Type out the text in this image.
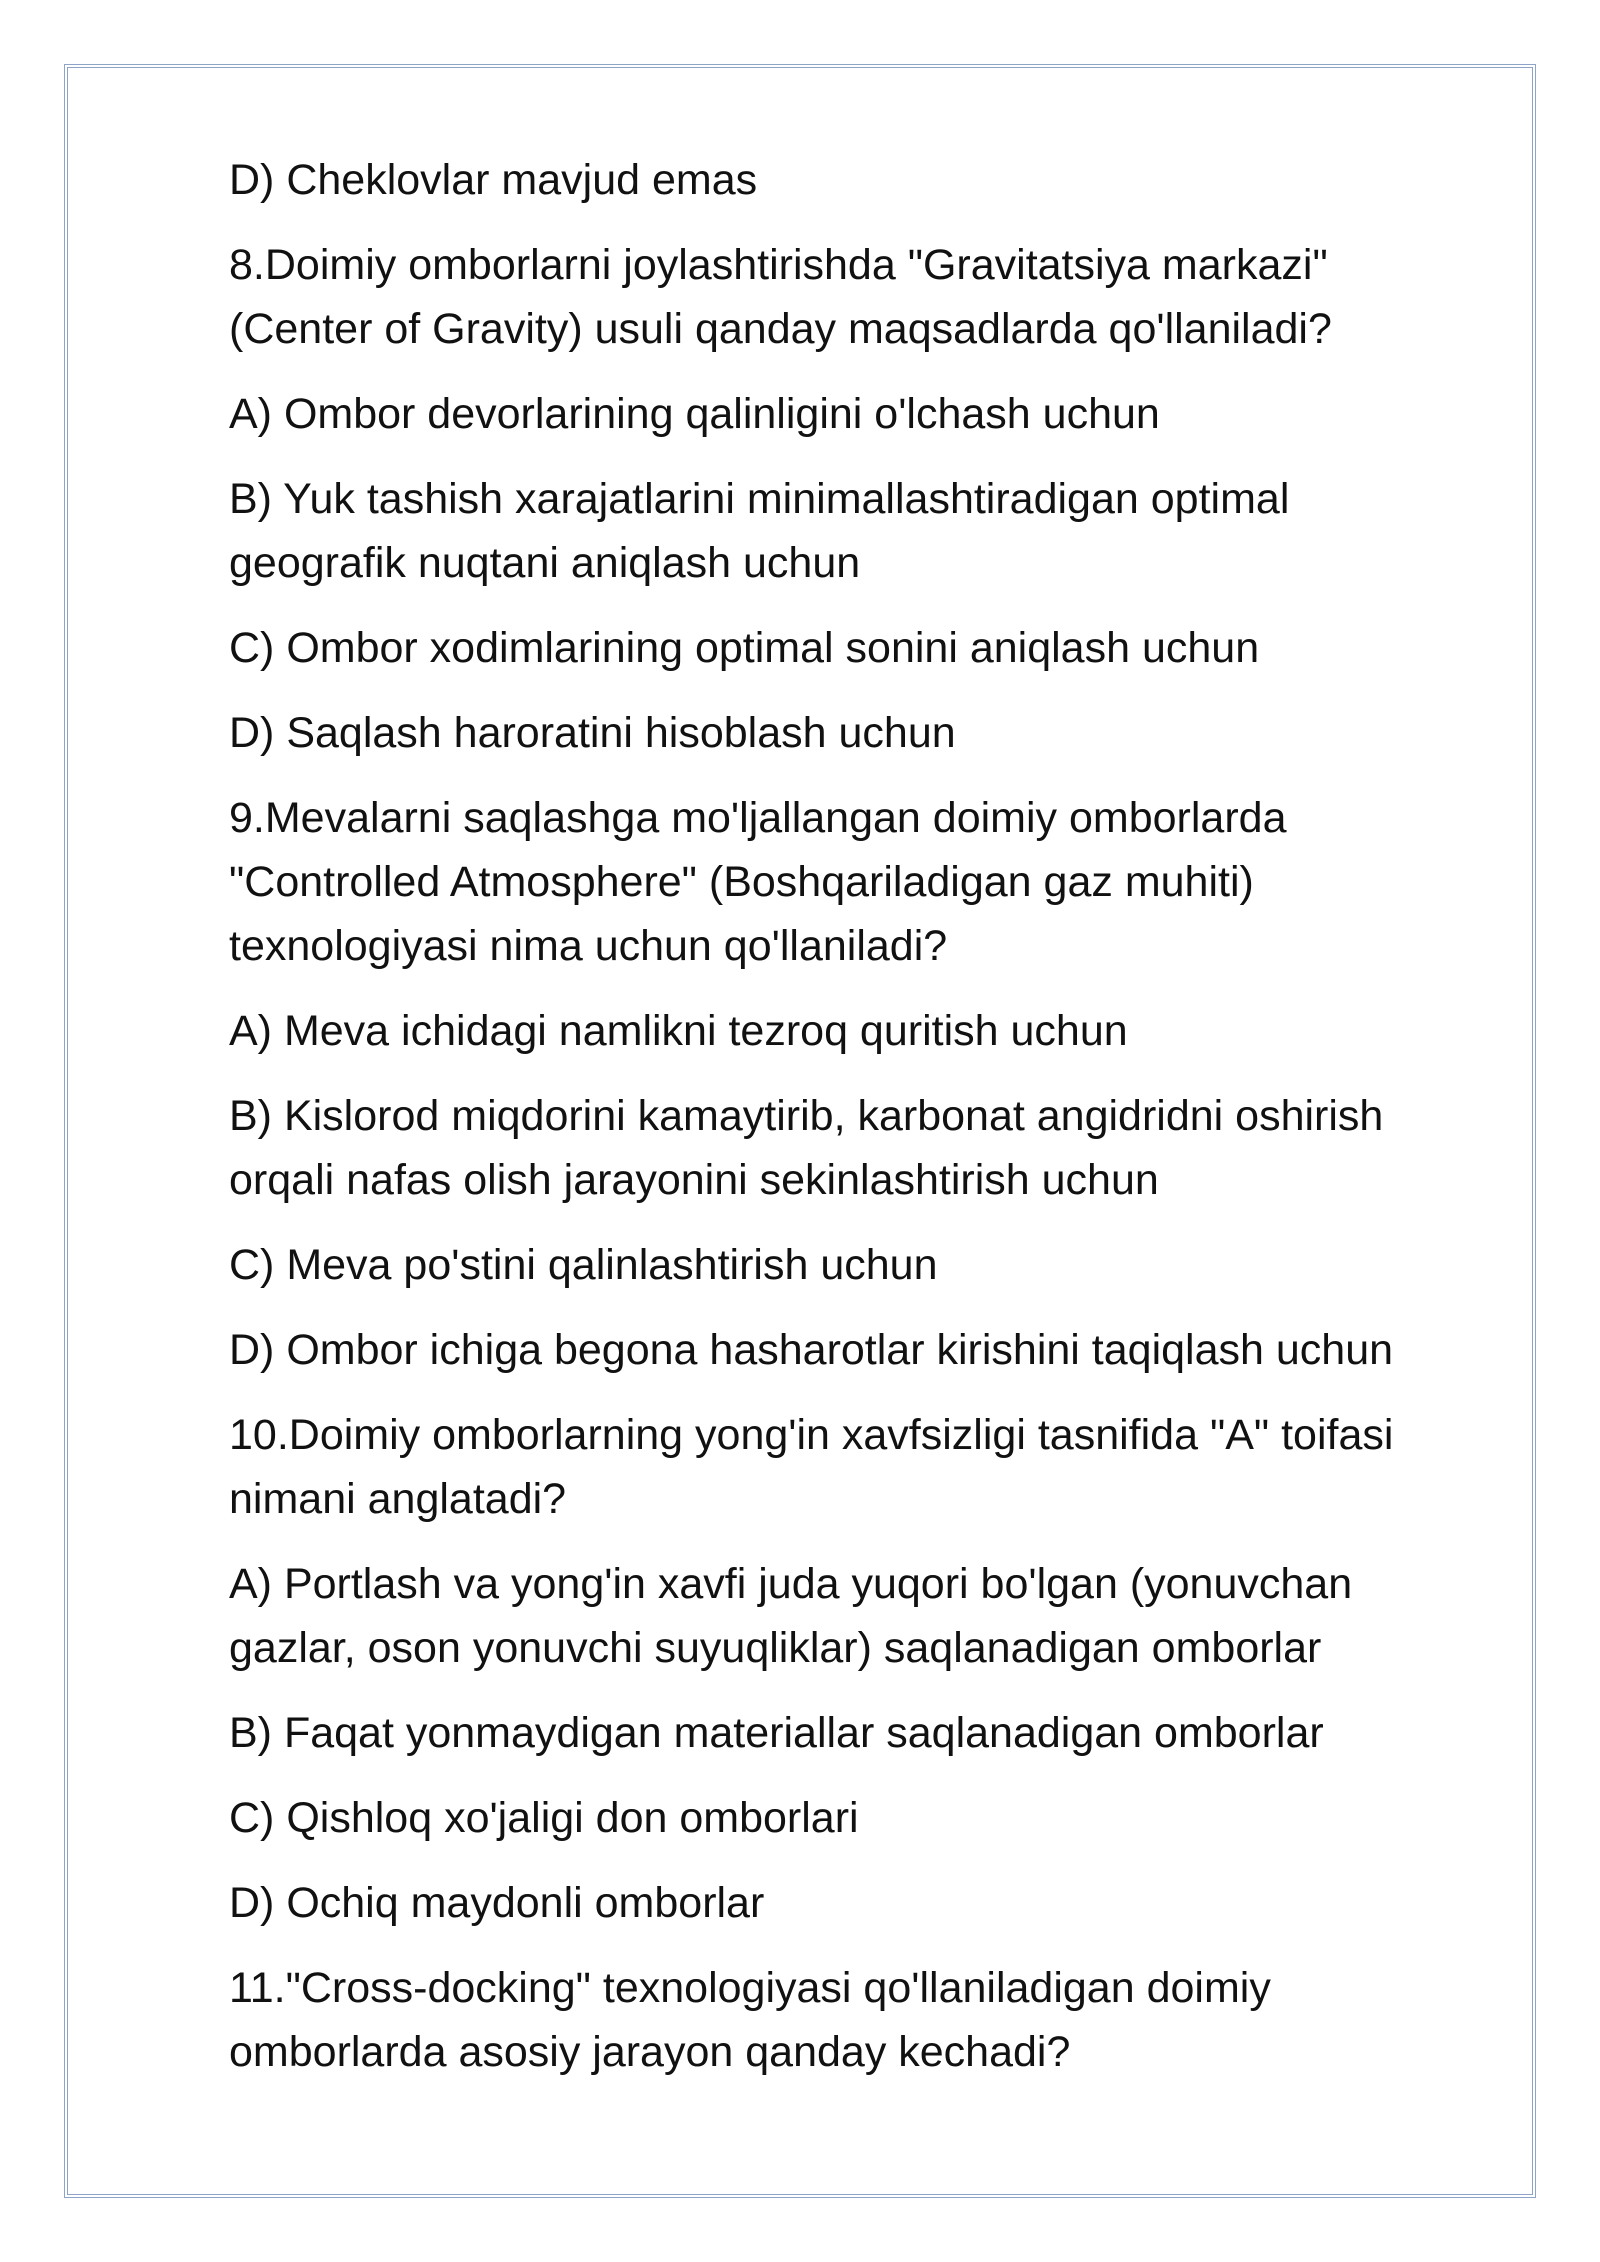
D) Cheklovlar mavjud emas

8.Doimiy omborlarni joylashtirishda "Gravitatsiya markazi" (Center of Gravity) usuli qanday maqsadlarda qo'llaniladi?

A) Ombor devorlarining qalinligini o'lchash uchun

B) Yuk tashish xarajatlarini minimallashtiradigan optimal geografik nuqtani aniqlash uchun

C) Ombor xodimlarining optimal sonini aniqlash uchun

D) Saqlash haroratini hisoblash uchun

9.Mevalarni saqlashga mo'ljallangan doimiy omborlarda "Controlled Atmosphere" (Boshqariladigan gaz muhiti) texnologiyasi nima uchun qo'llaniladi?

A) Meva ichidagi namlikni tezroq quritish uchun

B) Kislorod miqdorini kamaytirib, karbonat angidridni oshirish orqali nafas olish jarayonini sekinlashtirish uchun

C) Meva po'stini qalinlashtirish uchun

D) Ombor ichiga begona hasharotlar kirishini taqiqlash uchun

10.Doimiy omborlarning yong'in xavfsizligi tasnifida "A" toifasi nimani anglatadi?

A) Portlash va yong'in xavfi juda yuqori bo'lgan (yonuvchan gazlar, oson yonuvchi suyuqliklar) saqlanadigan omborlar

B) Faqat yonmaydigan materiallar saqlanadigan omborlar

C) Qishloq xo'jaligi don omborlari

D) Ochiq maydonli omborlar

11."Cross-docking" texnologiyasi qo'llaniladigan doimiy omborlarda asosiy jarayon qanday kechadi?
